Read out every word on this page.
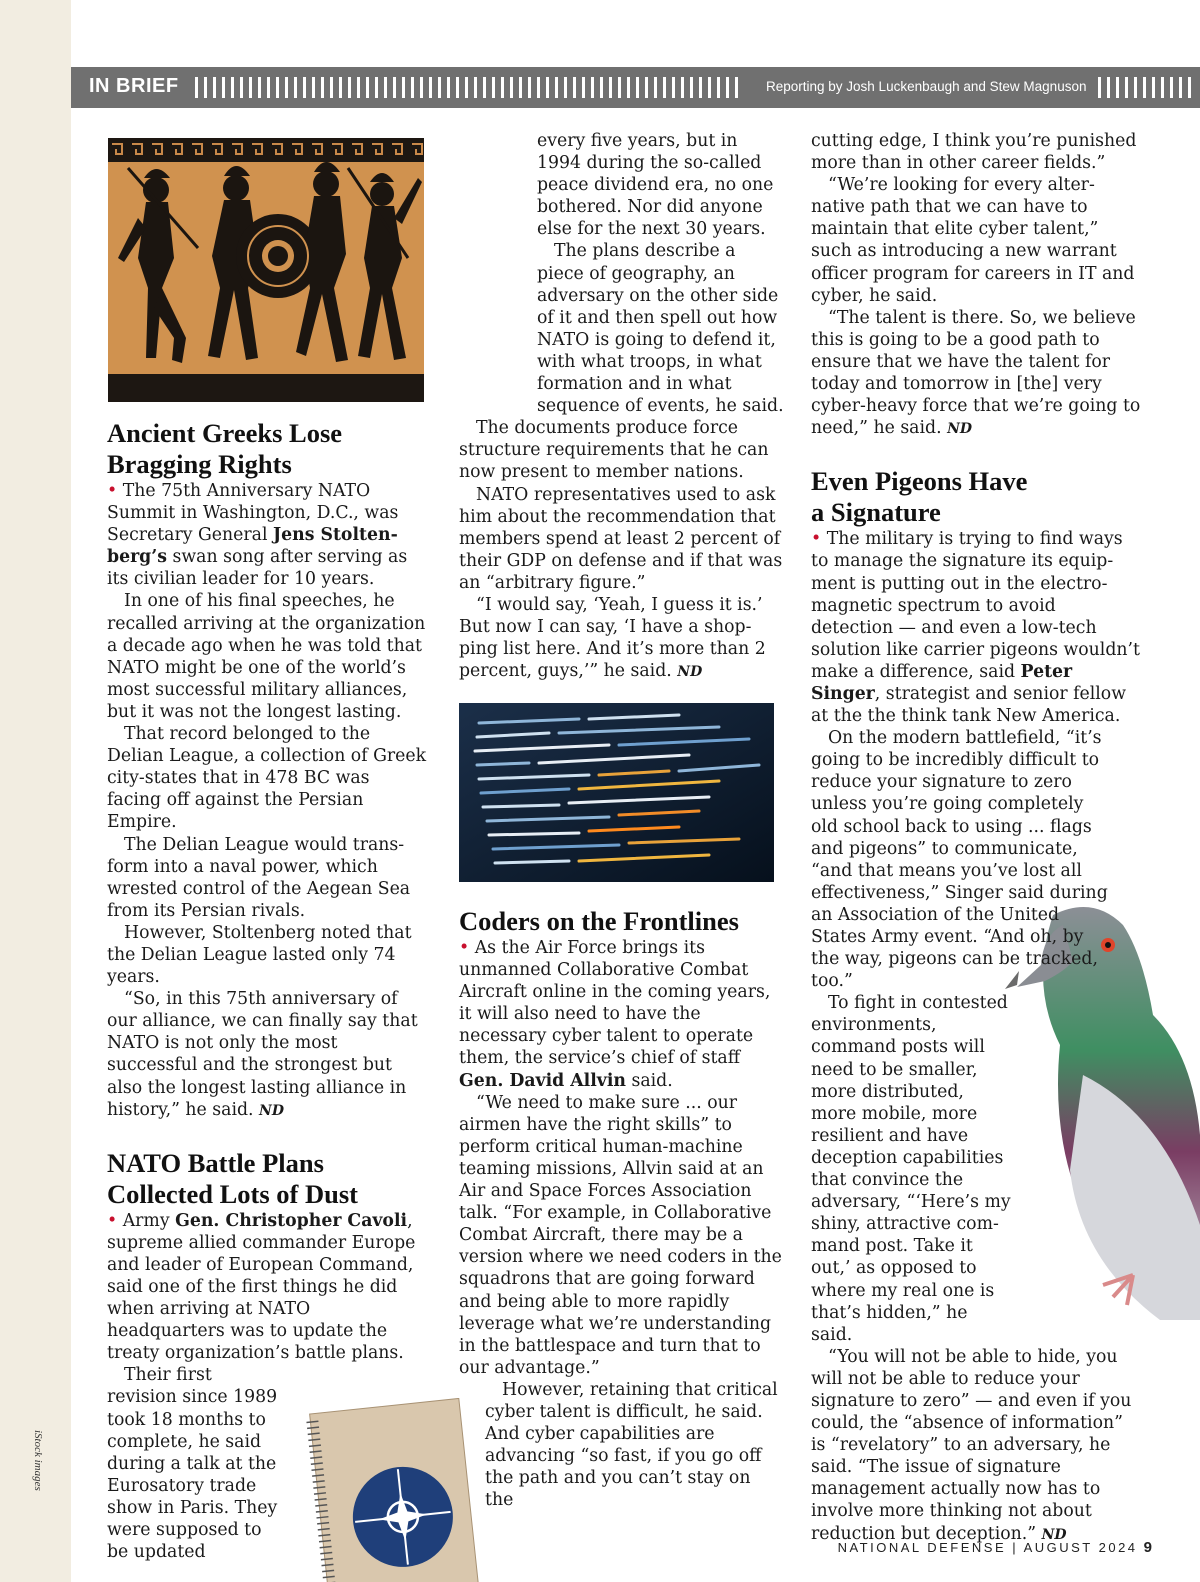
iStock images
IN BRIEF	Reporting by Josh Luckenbaugh and Stew Magnuson
Ancient Greeks Lose Bragging Rights

• The 75th Anniversary NATO Summit in Washington, D.C., was Secretary General Jens Stoltenberg’s swan song after serving as its civilian leader for 10 years.

In one of his final speeches, he recalled arriving at the organization a decade ago when he was told that NATO might be one of the world’s most successful military alliances, but it was not the longest lasting.

That record belonged to the Delian League, a collection of Greek city-states that in 478 BC was facing off against the Persian Empire.

The Delian League would transform into a naval power, which wrested control of the Aegean Sea from its Persian rivals.

However, Stoltenberg noted that the Delian League lasted only 74 years.

“So, in this 75th anniversary of our alliance, we can finally say that NATO is not only the most successful and the strongest but also the longest lasting alliance in history,” he said. ND

NATO Battle Plans Collected Lots of Dust

• Army Gen. Christopher Cavoli, supreme allied commander Europe and leader of European Command, said one of the first things he did when arriving at NATO headquarters was to update the treaty organization’s battle plans.

Their first revision since 1989 took 18 months to complete, he said during a talk at the Eurosatory trade show in Paris. They were supposed to be updated

every five years, but in 1994 during the so-called peace dividend era, no one bothered. Nor did anyone else for the next 30 years.

The plans describe a piece of geography, an adversary on the other side of it and then spell out how NATO is going to defend it, with what troops, in what formation and in what sequence of events, he said.

The documents produce force structure requirements that he can now present to member nations.

NATO representatives used to ask him about the recommendation that members spend at least 2 percent of their GDP on defense and if that was an “arbitrary figure.”

“I would say, ‘Yeah, I guess it is.’ But now I can say, ‘I have a shopping list here. And it’s more than 2 percent, guys,’” he said. ND

Coders on the Frontlines

• As the Air Force brings its unmanned Collaborative Combat Aircraft online in the coming years, it will also need to have the necessary cyber talent to operate them, the service’s chief of staff Gen. David Allvin said.

“We need to make sure ... our airmen have the right skills” to perform critical human-machine teaming missions, Allvin said at an Air and Space Forces Association talk. “For example, in Collaborative Combat Aircraft, there may be a version where we need coders in the squadrons that are going forward and being able to more rapidly leverage what we’re understanding in the battlespace and turn that to our advantage.”

However, retaining that critical cyber talent is difficult, he said. And cyber capabilities are advancing “so fast, if you go off the path and you can’t stay on the

cutting edge, I think you’re punished more than in other career fields.”

“We’re looking for every alternative path that we can have to maintain that elite cyber talent,” such as introducing a new warrant officer program for careers in IT and cyber, he said.

“The talent is there. So, we believe this is going to be a good path to ensure that we have the talent for today and tomorrow in [the] very cyber-heavy force that we’re going to need,” he said. ND

Even Pigeons Have a Signature

• The military is trying to find ways to manage the signature its equipment is putting out in the electromagnetic spectrum to avoid detection — and even a low-tech solution like carrier pigeons wouldn’t make a difference, said Peter Singer, strategist and senior fellow at the the think tank New America.

On the modern battlefield, “it’s going to be incredibly difficult to reduce your signature to zero unless you’re going completely old school back to using ... flags and pigeons” to communicate, “and that means you’ve lost all effectiveness,” Singer said during an Association of the United States Army event. “And oh, by the way, pigeons can be tracked, too.”

To fight in contested environments, command posts will need to be smaller, more distributed, more mobile, more resilient and have deception capabilities that convince the adversary, “‘Here’s my shiny, attractive command post. Take it out,’ as opposed to where my real one is that’s hidden,” he said.

“You will not be able to hide, you will not be able to reduce your signature to zero” — and even if you could, the “absence of information” is “revelatory” to an adversary, he said. “The issue of signature management actually now has to involve more thinking not about reduction but deception.” ND

NATIONAL DEFENSE | AUGUST 2024 9
